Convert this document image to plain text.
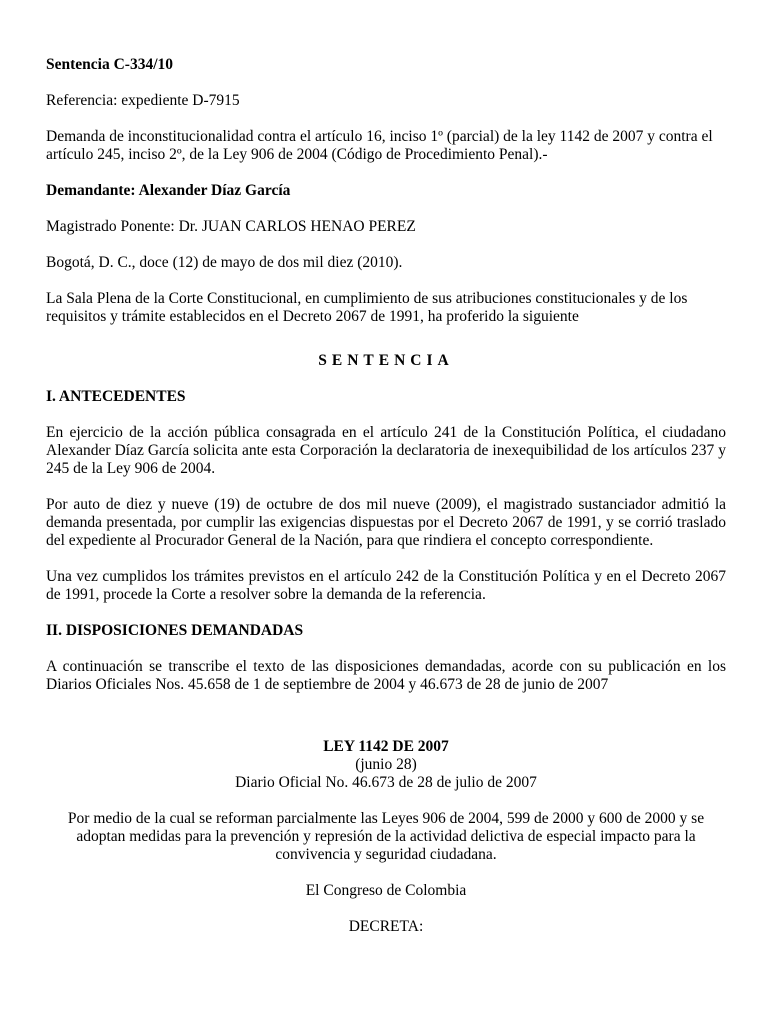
Sentencia C-334/10

Referencia: expediente D-7915

Demanda de inconstitucionalidad contra el artículo 16, inciso 1º (parcial) de la ley 1142 de 2007 y contra el artículo 245, inciso 2º, de la Ley 906 de 2004 (Código de Procedimiento Penal).-

Demandante: Alexander Díaz García

Magistrado Ponente: Dr. JUAN CARLOS HENAO PEREZ

Bogotá, D. C., doce (12) de mayo de dos mil diez (2010).

La Sala Plena de la Corte Constitucional, en cumplimiento de sus atribuciones constitucionales y de los requisitos y trámite establecidos en el Decreto 2067 de 1991, ha proferido la siguiente

SENTENCIA

I. ANTECEDENTES

En ejercicio de la acción pública consagrada en el artículo 241 de la Constitución Política, el ciudadano Alexander Díaz García solicita ante esta Corporación la declaratoria de inexequibilidad de los artículos 237 y 245 de la Ley 906 de 2004.

Por auto de diez y nueve (19) de octubre de dos mil nueve (2009), el magistrado sustanciador admitió la demanda presentada, por cumplir las exigencias dispuestas por el Decreto 2067 de 1991, y se corrió traslado del expediente al Procurador General de la Nación, para que rindiera el concepto correspondiente.

Una vez cumplidos los trámites previstos en el artículo 242 de la Constitución Política y en el Decreto 2067 de 1991, procede la Corte a resolver sobre la demanda de la referencia.

II. DISPOSICIONES DEMANDADAS

A continuación se transcribe el texto de las disposiciones demandadas, acorde con su publicación en los Diarios Oficiales Nos. 45.658 de 1 de septiembre de 2004 y 46.673 de 28 de junio de 2007

LEY 1142 DE 2007
(junio 28)
Diario Oficial No. 46.673 de 28 de julio de 2007

Por medio de la cual se reforman parcialmente las Leyes 906 de 2004, 599 de 2000 y 600 de 2000 y se adoptan medidas para la prevención y represión de la actividad delictiva de especial impacto para la convivencia y seguridad ciudadana.

El Congreso de Colombia

DECRETA:
